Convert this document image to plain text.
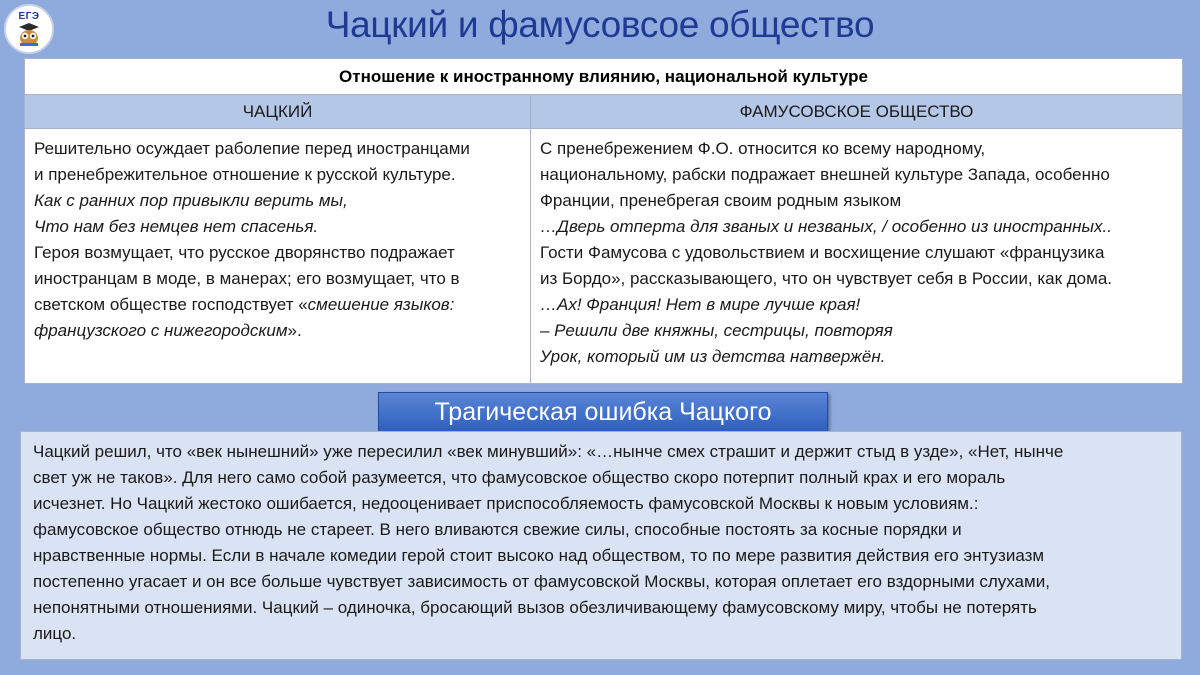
ЕГЭ	Чацкий и фамусовсое общество
Отношение к иностранному влиянию, национальной культуре
ЧАЦКИЙ	ФАМУСОВСКОЕ ОБЩЕСТВО
Решительно осуждает раболепие перед иностранцами
и пренебрежительное отношение к русской культуре.
Как с ранних пор привыкли верить мы,
Что нам без немцев нет спасенья.
Героя возмущает, что русское дворянство подражает
иностранцам в моде, в манерах; его возмущает, что в
светском обществе господствует «смешение языков:
французского с нижегородским».
С пренебрежением Ф.О. относится ко всему народному,
национальному, рабски подражает внешней культуре Запада, особенно
Франции, пренебрегая своим родным языком
…Дверь отперта для званых и незваных, / особенно из иностранных..
Гости Фамусова с удовольствием и восхищение слушают «французика
из Бордо», рассказывающего, что он чувствует себя в России, как дома.
…Ах! Франция! Нет в мире лучше края!
– Решили две княжны, сестрицы, повторяя
Урок, который им из детства натвержён.
Трагическая ошибка Чацкого
Чацкий решил, что «век нынешний» уже пересилил «век минувший»: «…нынче смех страшит и держит стыд в узде», «Нет, нынче
свет уж не таков». Для него само собой разумеется, что фамусовское общество скоро потерпит полный крах и его мораль
исчезнет. Но Чацкий жестоко ошибается, недооценивает приспособляемость фамусовской Москвы к новым условиям.:
фамусовское общество отнюдь не стареет. В него вливаются свежие силы, способные постоять за косные порядки и
нравственные нормы. Если в начале комедии герой стоит высоко над обществом, то по мере развития действия его энтузиазм
постепенно угасает и он все больше чувствует зависимость от фамусовской Москвы, которая оплетает его вздорными слухами,
непонятными отношениями. Чацкий – одиночка, бросающий вызов обезличивающему фамусовскому миру, чтобы не потерять
лицо.
